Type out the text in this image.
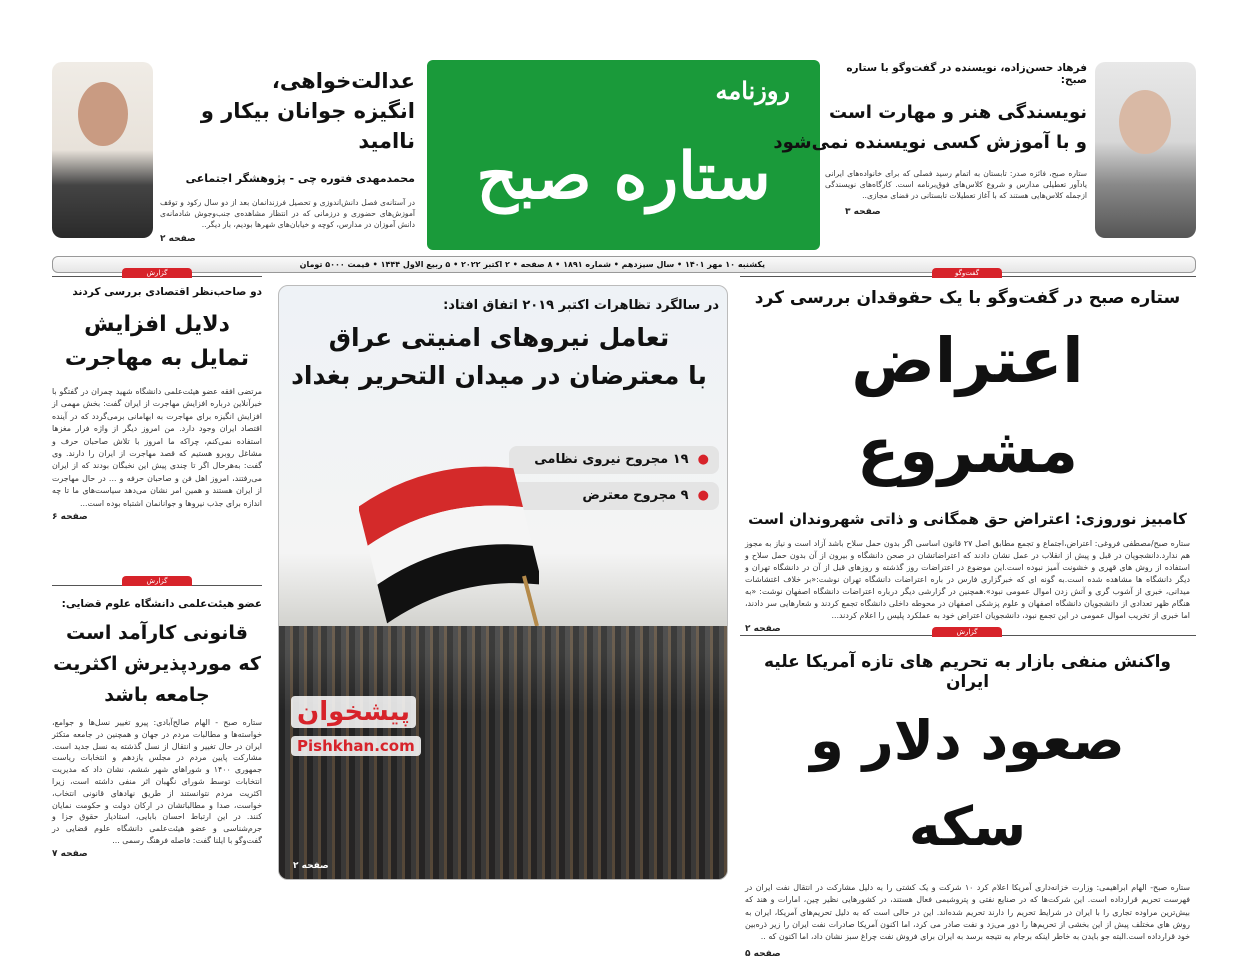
روزنامه
ستاره صبح
عدالت‌خواهی،
انگیزه جوانان بیکار و ناامید
محمدمهدی فتوره چی - پژوهشگر اجتماعی
در آستانه‌ی فصل دانش‌اندوزی و تحصیل فرزندانمان بعد از دو سال رکود و توقف آموزش‌های حضوری و درزمانی که در انتظار مشاهده‌ی جنب‌وجوش شادمانه‌ی دانش آموزان در مدارس، کوچه و خیابان‌های شهرها بودیم، بار دیگر..
صفحه ۲
فرهاد حسن‌زاده، نویسنده در گفت‌وگو با ستاره صبح:
نویسندگی هنر و مهارت است
و با آموزش کسی نویسنده نمی‌شود
ستاره صبح، فائزه صدر: تابستان به اتمام رسید فصلی که برای خانواده‌های ایرانی یادآور تعطیلی مدارس و شروع کلاس‌های فوق‌برنامه است. کارگاه‌های نویسندگی ازجمله کلاس‌هایی هستند که با آغاز تعطیلات تابستانی در فضای مجازی..
صفحه ۳
یکشنبه ۱۰ مهر ۱۴۰۱ • سال سیزدهم • شماره ۱۸۹۱ • ۸ صفحه • ۲ اکتبر ۲۰۲۲ • ۵ ربیع الاول ۱۴۴۴ • قیمت ۵۰۰۰ تومان
گزارش
دو صاحب‌نظر اقتصادی بررسی کردند
دلایل افزایش
تمایل به مهاجرت
مرتضی افقه عضو هیئت‌علمی دانشگاه شهید چمران در گفتگو با خبرآنلاین درباره افزایش مهاجرت از ایران گفت: بخش مهمی از افزایش انگیزه برای مهاجرت به ابهامانی برمی‌گردد که در آینده اقتصاد ایران وجود دارد. من امروز دیگر از واژه فرار مغزها استفاده نمی‌کنم، چراکه ما امروز با تلاش صاحبان حرف و مشاغل روبرو هستیم که قصد مهاجرت از ایران را دارند. وی گفت: به‌هرحال اگر تا چندی پیش این نخبگان بودند که از ایران می‌رفتند، امروز اهل فن و صاحبان حرفه و ... در حال مهاجرت از ایران هستند و همین امر نشان می‌دهد سیاست‌های ما تا چه اندازه برای جذب نیروها و جوانانمان اشتباه بوده است...
صفحه ۶
گزارش
عضو هیئت‌علمی دانشگاه علوم قضایی:
قانونی کارآمد است
که موردپذیرش اکثریت
جامعه باشد
ستاره صبح - الهام صالح‌آبادی: پیرو تغییر نسل‌ها و جوامع، خواسته‌ها و مطالبات مردم در جهان و همچنین در جامعه متکثر ایران در حال تغییر و انتقال از نسل گذشته به نسل جدید است. مشارکت پایین مردم در مجلس یازدهم و انتخابات ریاست جمهوری ۱۴۰۰ و شوراهای شهر ششم، نشان داد که مدیریت انتخابات توسط شورای نگهبان اثر منفی داشته است، زیرا اکثریت مردم نتوانستند از طریق نهادهای قانونی انتخاب، خواست، صدا و مطالباتشان در ارکان دولت و حکومت نمایان کنند. در این ارتباط احسان بابایی، استادیار حقوق جزا و جرم‌شناسی و عضو هیئت‌علمی دانشگاه علوم قضایی در گفت‌وگو با ایلنا گفت: فاصله فرهنگ رسمی ...
صفحه ۷
در سالگرد تظاهرات اکتبر ۲۰۱۹ اتفاق افتاد:
تعامل نیروهای امنیتی عراق
با معترضان در میدان التحریر بغداد
●  ۱۹ مجروح نیروی نظامی
●  ۹ مجروح معترض
پیشخوان
Pishkhan.com
صفحه ۲
گفت‌وگو
ستاره صبح در گفت‌وگو با یک حقوقدان بررسی کرد
اعتراض مشروع
کامبیز نوروزی: اعتراض حق همگانی و ذاتی شهروندان است
ستاره صبح/مصطفی فروغی: اعتراض،اجتماع و تجمع مطابق اصل ۲۷ قانون اساسی اگر بدون حمل سلاح باشد آزاد است و نیاز به مجوز هم ندارد.دانشجویان در قبل و پیش از انقلاب در عمل نشان دادند که اعتراضاتشان در صحن دانشگاه و بیرون از آن بدون حمل سلاح و استفاده از روش های قهری و خشونت آمیز نبوده است.این موضوع در اعتراضات روز گذشته و روزهای قبل از آن در دانشگاه تهران و دیگر دانشگاه ها مشاهده شده است.به گونه ای که خبرگزاری فارس در باره اعتراضات دانشگاه تهران نوشت:«بر خلاف اغتشاشات میدانی، خبری از آشوب گری و آتش زدن اموال عمومی نبود».همچنین در گزارشی دیگر درباره اعتراضات دانشگاه اصفهان نوشت: «به هنگام ظهر تعدادی از دانشجویان دانشگاه اصفهان و علوم پزشکی اصفهان در محوطه داخلی دانشگاه تجمع کردند و شعارهایی سر دادند، اما خبری از تخریب اموال عمومی در این تجمع نبود، دانشجویان اعتراض خود به عملکرد پلیس را اعلام کردند...
صفحه ۲	گزارش
واکنش منفی بازار به تحریم های تازه آمریکا علیه ایران
صعود دلار و سکه
ستاره صبح- الهام ابراهیمی: وزارت خزانه‌داری آمریکا اعلام کرد ۱۰ شرکت و یک کشتی را به دلیل مشارکت در انتقال نفت ایران در فهرست تحریم قرارداده است. این شرکت‌ها که در صنایع نفتی و پتروشیمی فعال هستند، در کشورهایی نظیر چین، امارات و هند که بیش‌ترین مراوده تجاری را با ایران در شرایط تحریم را دارند تحریم شده‌اند. این در حالی است که به دلیل تحریم‌های آمریکا، ایران به روش های مختلف پیش از این بخشی از تحریم‌ها را دور می‌زد و نفت صادر می کرد، اما اکنون آمریکا صادرات نفت ایران را زیر ذره‌بین خود قرارداده است.البته جو بایدن به خاطر اینکه برجام به نتیجه برسد به ایران برای فروش نفت چراغ سبز نشان داد، اما اکنون که ..
صفحه ۵
